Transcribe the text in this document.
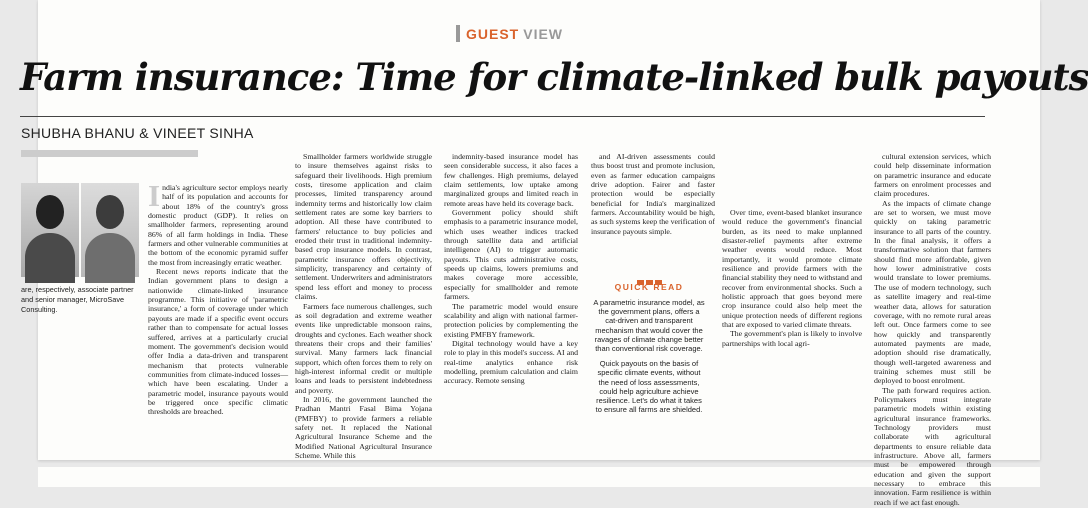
GUEST VIEW
Farm insurance: Time for climate-linked bulk payouts
SHUBHA BHANU & VINEET SINHA
are, respectively, associate partner and senior manager, MicroSave Consulting.

India's agriculture sector employs nearly half of its population and accounts for about 18% of the country's gross domestic product (GDP). It relies on smallholder farmers, representing around 86% of all farm holdings in India. These farmers and other vulnerable communities at the bottom of the economic pyramid suffer the most from increasingly erratic weather.

Recent news reports indicate that the Indian government plans to design a nationwide climate-linked insurance programme. This initiative of 'parametric insurance,' a form of coverage under which payouts are made if a specific event occurs rather than to compensate for actual losses suffered, arrives at a particularly crucial moment. The government's decision would offer India a data-driven and transparent mechanism that protects vulnerable communities from climate-induced losses—which have been escalating. Under a parametric model, insurance payouts would be triggered once specific climatic thresholds are breached.

Smallholder farmers worldwide struggle to insure themselves against risks to safeguard their livelihoods. High premium costs, tiresome application and claim processes, limited transparency around indemnity terms and historically low claim settlement rates are some key barriers to adoption. All these have contributed to farmers' reluctance to buy policies and eroded their trust in traditional indemnity-based crop insurance models. In contrast, parametric insurance offers objectivity, simplicity, transparency and certainty of settlement. Underwriters and administrators spend less effort and money to process claims.

Farmers face numerous challenges, such as soil degradation and extreme weather events like unpredictable monsoon rains, droughts and cyclones. Each weather shock threatens their crops and their families' survival. Many farmers lack financial support, which often forces them to rely on high-interest informal credit or multiple loans and leads to persistent indebtedness and poverty.

In 2016, the government launched the Pradhan Mantri Fasal Bima Yojana (PMFBY) to provide farmers a reliable safety net. It replaced the National Agricultural Insurance Scheme and the Modified National Agricultural Insurance Scheme. While this

indemnity-based insurance model has seen considerable success, it also faces a few challenges. High premiums, delayed claim settlements, low uptake among marginalized groups and limited reach in remote areas have held its coverage back.

Government policy should shift emphasis to a parametric insurance model, which uses weather indices tracked through satellite data and artificial intelligence (AI) to trigger automatic payouts. This cuts administrative costs, speeds up claims, lowers premiums and makes coverage more accessible, especially for smallholder and remote farmers.

The parametric model would ensure scalability and align with national farmer-protection policies by complementing the existing PMFBY framework.

Digital technology would have a key role to play in this model's success. AI and real-time analytics enhance risk modelling, premium calculation and claim accuracy. Remote sensing

and AI-driven assessments could thus boost trust and promote inclusion, even as farmer education campaigns drive adoption. Fairer and faster protection would be especially beneficial for India's marginalized farmers. Accountability would be high, as such systems keep the verification of insurance payouts simple.

QUICK READ

A parametric insurance model, as the government plans, offers a cat-driven and transparent mechanism that would cover the ravages of climate change better than conventional risk coverage.

Quick payouts on the basis of specific climate events, without the need of loss assessments, could help agriculture achieve resilience. Let's do what it takes to ensure all farms are shielded.

Over time, event-based blanket insurance would reduce the government's financial burden, as its need to make unplanned disaster-relief payments after extreme weather events would reduce. Most importantly, it would promote climate resilience and provide farmers with the financial stability they need to withstand and recover from environmental shocks. Such a holistic approach that goes beyond mere crop insurance could also help meet the unique protection needs of different regions that are exposed to varied climate threats.

The government's plan is likely to involve partnerships with local agri-

cultural extension services, which could help disseminate information on parametric insurance and educate farmers on enrolment processes and claim procedures.

As the impacts of climate change are set to worsen, we must move quickly on taking parametric insurance to all parts of the country. In the final analysis, it offers a transformative solution that farmers should find more affordable, given how lower administrative costs would translate to lower premiums. The use of modern technology, such as satellite imagery and real-time weather data, allows for saturation coverage, with no remote rural areas left out. Once farmers come to see how quickly and transparently automated payments are made, adoption should rise dramatically, though well-targeted awareness and training schemes must still be deployed to boost enrolment.

The path forward requires action. Policymakers must integrate parametric models within existing agricultural insurance frameworks. Technology providers must collaborate with agricultural departments to ensure reliable data infrastructure. Above all, farmers must be empowered through education and given the support necessary to embrace this innovation. Farm resilience is within reach if we act fast enough.
